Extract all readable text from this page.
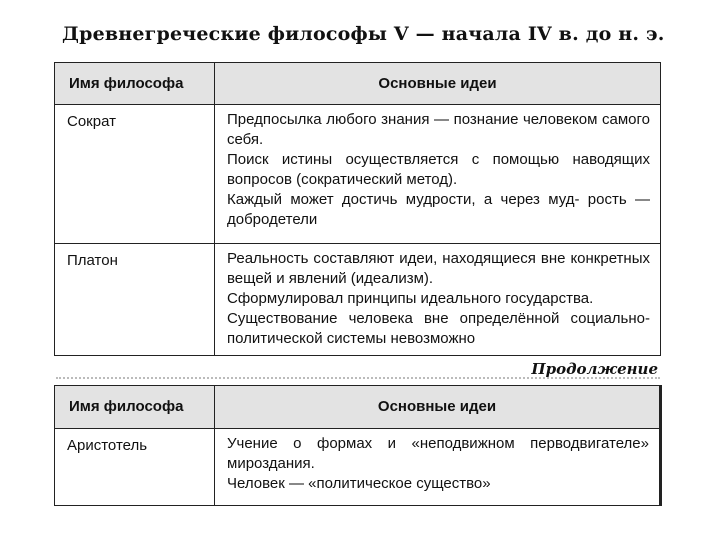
Древнегреческие философы V — начала IV в. до н. э.
Имя философа	Основные идеи
Сократ	Предпосылка любого знания — познание человеком самого себя.

Поиск истины осуществляется с помощью наводящих вопросов (сократический метод).

Каждый может достичь мудрости, а через муд- рость — добродетели

Платон	Реальность составляют идеи, находящиеся вне конкретных вещей и явлений (идеализм).

Сформулировал принципы идеального государства.

Существование человека вне определённой социально-политической системы невозможно

Продолжение
Имя философа	Основные идеи
Аристотель	Учение о формах и «неподвижном перводвигателе» мироздания.

Человек — «политическое существо»
